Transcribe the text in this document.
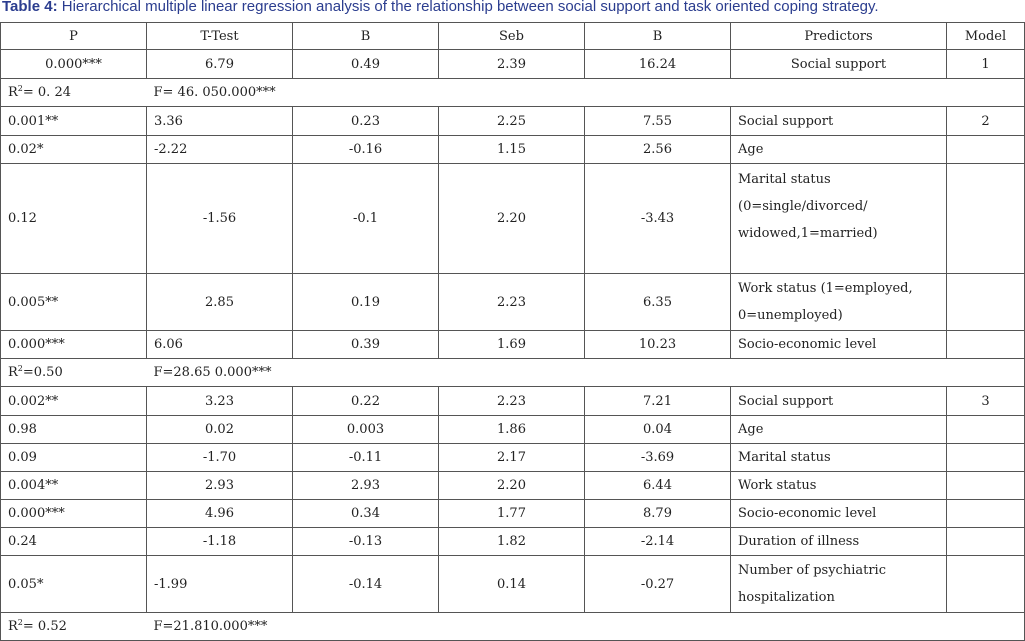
Table 4: Hierarchical multiple linear regression analysis of the relationship between social support and task oriented coping strategy.
P	T-Test	B	Seb	B	Predictors	Model
0.000***	6.79	0.49	2.39	16.24	Social support	1
$R^2= 0$. 24	F= 46. 050.000***					
0.001**	3.36	0.23	2.25	7.55	Social support	2
0.02*	-2.22	-0.16	1.15	2.56	Age	
0.12	-1.56	-0.1	2.20	-3.43	Marital status (0=single/divorced/ widowed,1=married)	
0.005**	2.85	0.19	2.23	6.35	Work status (1=employed, 0=unemployed)	
0.000***	6.06	0.39	1.69	10.23	Socio-economic level	
$R^2=0.50$	F=28.65 0.000***					
0.002**	3.23	0.22	2.23	7.21	Social support	3
0.98	0.02	0.003	1.86	0.04	Age	
0.09	-1.70	-0.11	2.17	-3.69	Marital status	
0.004**	2.93	2.93	2.20	6.44	Work status	
0.000***	4.96	0.34	1.77	8.79	Socio-economic level	
0.24	-1.18	-0.13	1.82	-2.14	Duration of illness	
0.05*	-1.99	-0.14	0.14	-0.27	Number of psychiatric hospitalization	
$R^2= 0.52$	F=21.810.000***					
